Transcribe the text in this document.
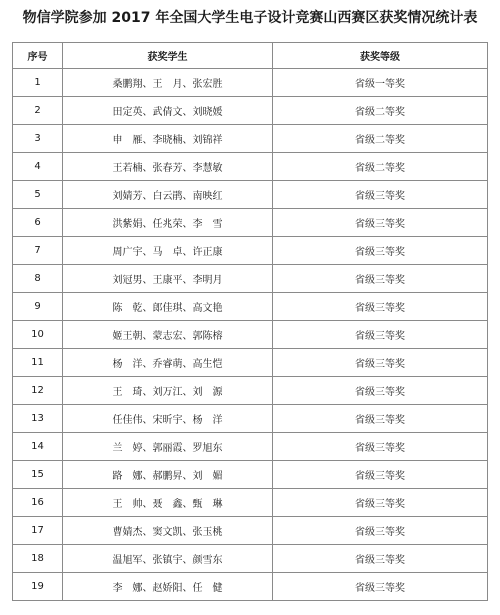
物信学院参加 2017 年全国大学生电子设计竞赛山西赛区获奖情况统计表
序号	获奖学生	获奖等级
1	桑鹏翔、王　月、张宏胜	省级一等奖
2	田定英、武倩文、刘晓媛	省级二等奖
3	申　雁、李晓楠、刘锦祥	省级二等奖
4	王若楠、张春芳、李慧敏	省级二等奖
5	刘婧芳、白云鹃、南映红	省级三等奖
6	洪紫娟、任兆荣、李　雪	省级三等奖
7	周广宇、马　卓、许正康	省级三等奖
8	刘冠男、王康平、李明月	省级三等奖
9	陈　乾、郎佳琪、高文艳	省级三等奖
10	姬王朝、蒙志宏、郭陈榕	省级三等奖
11	杨　洋、乔睿萌、高生恺	省级三等奖
12	王　琦、刘万江、刘　源	省级三等奖
13	任佳伟、宋昕宇、杨　洋	省级三等奖
14	兰　婷、郭丽霞、罗旭东	省级三等奖
15	路　娜、郝鹏昇、刘　媚	省级三等奖
16	王　帅、聂　鑫、甄　琳	省级三等奖
17	曹婧杰、窦文凯、张玉桃	省级三等奖
18	温旭军、张镇宇、颜雪东	省级三等奖
19	李　娜、赵娇阳、任　健	省级三等奖
